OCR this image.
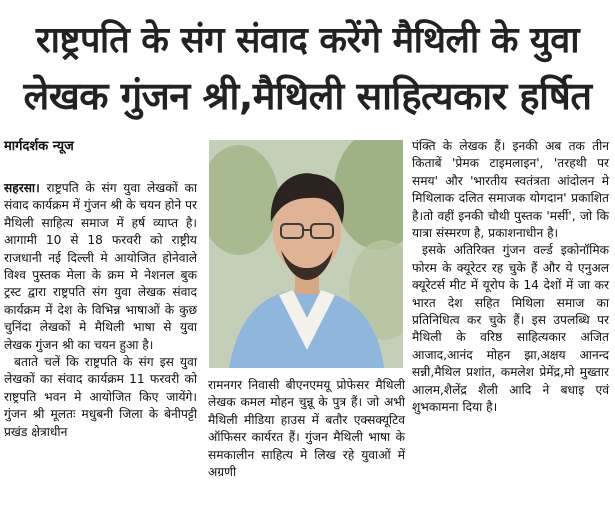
राष्ट्रपति के संग संवाद करेंगे मैथिली के युवा
लेखक गुंजन श्री,मैथिली साहित्यकार हर्षित
मार्गदर्शक न्यूज

सहरसा। राष्ट्रपति के संग युवा लेखकों का संवाद कार्यक्रम में गुंजन श्री के चयन होने पर मैथिली साहित्य समाज में हर्ष व्याप्त है।आगामी 10 से 18 फरवरी को राष्ट्रीय राजधानी नई दिल्ली मे आयोजित होनेवाले विश्व पुस्तक मेला के क्रम मे नेशनल बुक ट्रस्ट द्वारा राष्ट्रपति संग युवा लेखक संवाद कार्यक्रम में देश के विभिन्न भाषाओं के कुछ चुनिंदा लेखकों मे मैथिली भाषा से युवा लेखक गुंजन श्री का चयन हुआ है।

बताते चलें कि राष्ट्रपति के संग इस युवा लेखकों का संवाद कार्यक्रम 11 फरवरी को राष्ट्रपति भवन मे आयोजित किए जायेंगे।गुंजन श्री मूलतः मधुबनी जिला के बेनीपट्टी प्रखंड क्षेत्राधीन

रामनगर निवासी बीएनएमयू प्रोफेसर मैथिली लेखक कमल मोहन चुन्नू के पुत्र हैं। जो अभी मैथिली मीडिया हाउस में बतौर एक्सक्यूटिव ऑफिसर कार्यरत हैं। गुंजन मैथिली भाषा के समकालीन साहित्य मे लिख रहे युवाओं में अग्रणी

पंक्ति के लेखक हैं। इनकी अब तक तीन किताबें 'प्रेमक टाइमलाइन', 'तरहथी पर समय' और 'भारतीय स्वतंत्रता आंदोलन मे मिथिलाक दलित समाजक योगदान' प्रकाशित है।तो वहीं इनकी चौथी पुस्तक 'मर्सी', जो कि यात्रा संस्मरण है, प्रकाशनाधीन है।

इसके अतिरिक्त गुंजन वर्ल्ड इकोनॉमिक फोरम के क्यूरेटर रह चुके हैं और ये एनुअल क्यूरेटर्स मीट में यूरोप के 14 देशों में जा कर भारत देश सहित मिथिला समाज का प्रतिनिधित्व कर चुके हैं। इस उपलब्धि पर मैथिली के वरिष्ठ साहित्यकार अजित आजाद,आनंद मोहन झा,अक्षय आनन्द सन्नी,मैथिल प्रशांत, कमलेश प्रेमेंद्र,मो मुख्तार आलम,शैलेंद्र शैली आदि ने बधाइ एवं शुभकामना दिया है।
